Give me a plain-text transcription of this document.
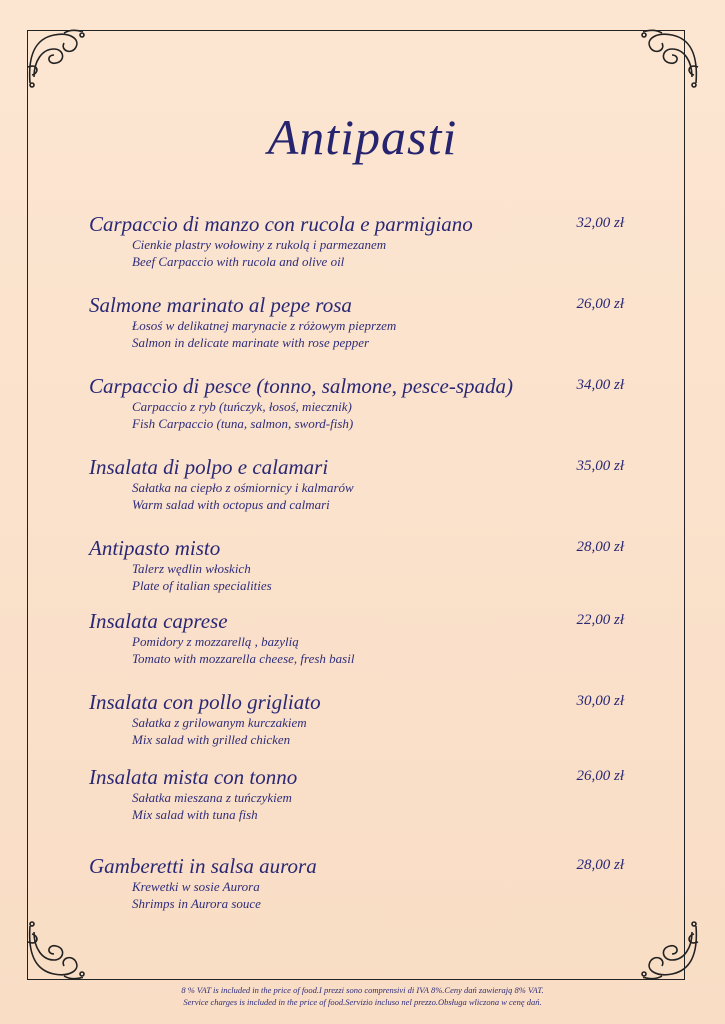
Antipasti
Carpaccio di manzo con rucola e parmigiano	32,00 zł
Cienkie plastry wołowiny z rukolą i parmezanem
Beef Carpaccio with rucola and olive oil
Salmone marinato al pepe rosa	26,00 zł
Łosoś w delikatnej marynacie z różowym pieprzem
Salmon in delicate marinate with rose pepper
Carpaccio di pesce (tonno, salmone, pesce-spada)	34,00 zł
Carpaccio z ryb (tuńczyk, łosoś, miecznik)
Fish Carpaccio (tuna, salmon, sword-fish)
Insalata di polpo e calamari	35,00 zł
Sałatka na ciepło z ośmiornicy i kalmarów
Warm salad with octopus and calmari
Antipasto misto	28,00 zł
Talerz wędlin włoskich
Plate of italian specialities
Insalata caprese	22,00 zł
Pomidory z mozzarellą , bazylią
Tomato with mozzarella cheese, fresh basil
Insalata con pollo grigliato	30,00 zł
Sałatka z grilowanym kurczakiem
Mix salad with grilled chicken
Insalata mista con tonno	26,00 zł
Sałatka mieszana z tuńczykiem
Mix salad with tuna fish
Gamberetti in salsa aurora	28,00 zł
Krewetki w sosie Aurora
Shrimps in Aurora souce
8 % VAT is included in the price of food.I prezzi sono comprensivi di IVA 8%.Ceny dań zawierają 8% VAT.
Service charges is included in the price of food.Servizio incluso nel prezzo.Obsługa wliczona w cenę dań.
